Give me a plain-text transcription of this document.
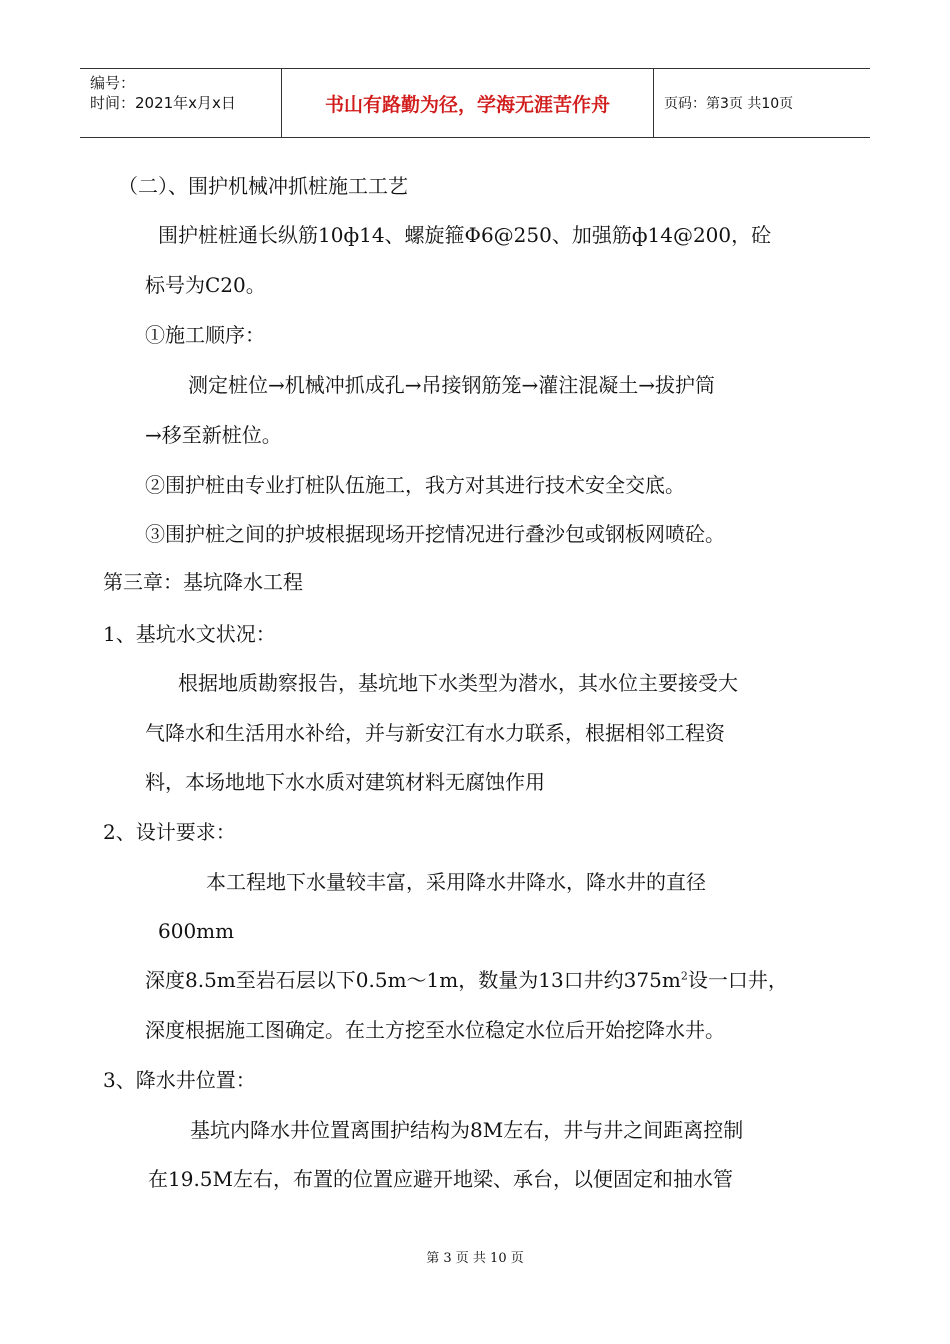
编号：
时间：2021年x月x日	书山有路勤为径，学海无涯苦作舟	页码：第3页 共10页
（二）、围护机械冲抓桩施工工艺
围护桩桩通长纵筋10ф14、螺旋箍Φ6@250、加强筋ф14@200，砼
标号为C20。
①施工顺序：
测定桩位→机械冲抓成孔→吊接钢筋笼→灌注混凝土→拔护筒
→移至新桩位。
②围护桩由专业打桩队伍施工，我方对其进行技术安全交底。
③围护桩之间的护坡根据现场开挖情况进行叠沙包或钢板网喷砼。
第三章：基坑降水工程
1、基坑水文状况：
根据地质勘察报告，基坑地下水类型为潜水，其水位主要接受大
气降水和生活用水补给，并与新安江有水力联系，根据相邻工程资
料，本场地地下水水质对建筑材料无腐蚀作用
2、设计要求：
本工程地下水量较丰富，采用降水井降水，降水井的直径
600mm
深度8.5m至岩石层以下0.5m～1m，数量为13口井约$375m^2$设一口井，
深度根据施工图确定。在土方挖至水位稳定水位后开始挖降水井。
3、降水井位置：
基坑内降水井位置离围护结构为8M左右，井与井之间距离控制
在19.5M左右，布置的位置应避开地梁、承台，以便固定和抽水管
第 3 页 共 10 页
